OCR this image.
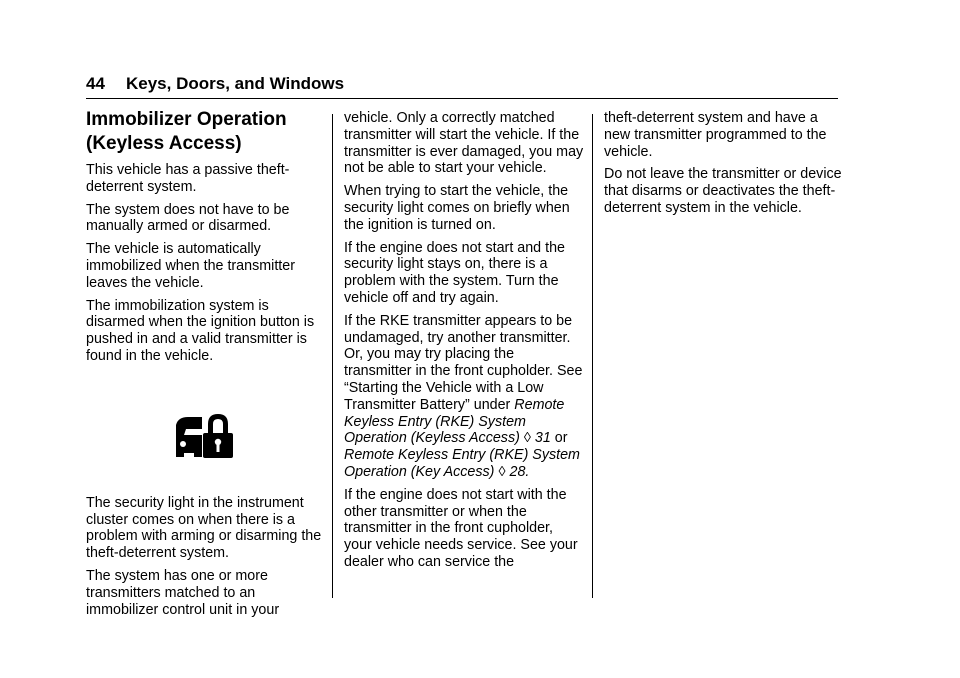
44 Keys, Doors, and Windows
Immobilizer Operation
(Keyless Access)

This vehicle has a passive theft-deterrent system.

The system does not have to be manually armed or disarmed.

The vehicle is automatically immobilized when the transmitter leaves the vehicle.

The immobilization system is disarmed when the ignition button is pushed in and a valid transmitter is found in the vehicle.

The security light in the instrument cluster comes on when there is a problem with arming or disarming the theft-deterrent system.

The system has one or more transmitters matched to an immobilizer control unit in your

vehicle. Only a correctly matched transmitter will start the vehicle. If the transmitter is ever damaged, you may not be able to start your vehicle.

When trying to start the vehicle, the security light comes on briefly when the ignition is turned on.

If the engine does not start and the security light stays on, there is a problem with the system. Turn the vehicle off and try again.

If the RKE transmitter appears to be undamaged, try another transmitter. Or, you may try placing the transmitter in the front cupholder. See “Starting the Vehicle with a Low Transmitter Battery” under Remote Keyless Entry (RKE) System Operation (Keyless Access) ◊ 31 or Remote Keyless Entry (RKE) System Operation (Key Access) ◊ 28.

If the engine does not start with the other transmitter or when the transmitter in the front cupholder, your vehicle needs service. See your dealer who can service the

theft-deterrent system and have a new transmitter programmed to the vehicle.

Do not leave the transmitter or device that disarms or deactivates the theft-deterrent system in the vehicle.
